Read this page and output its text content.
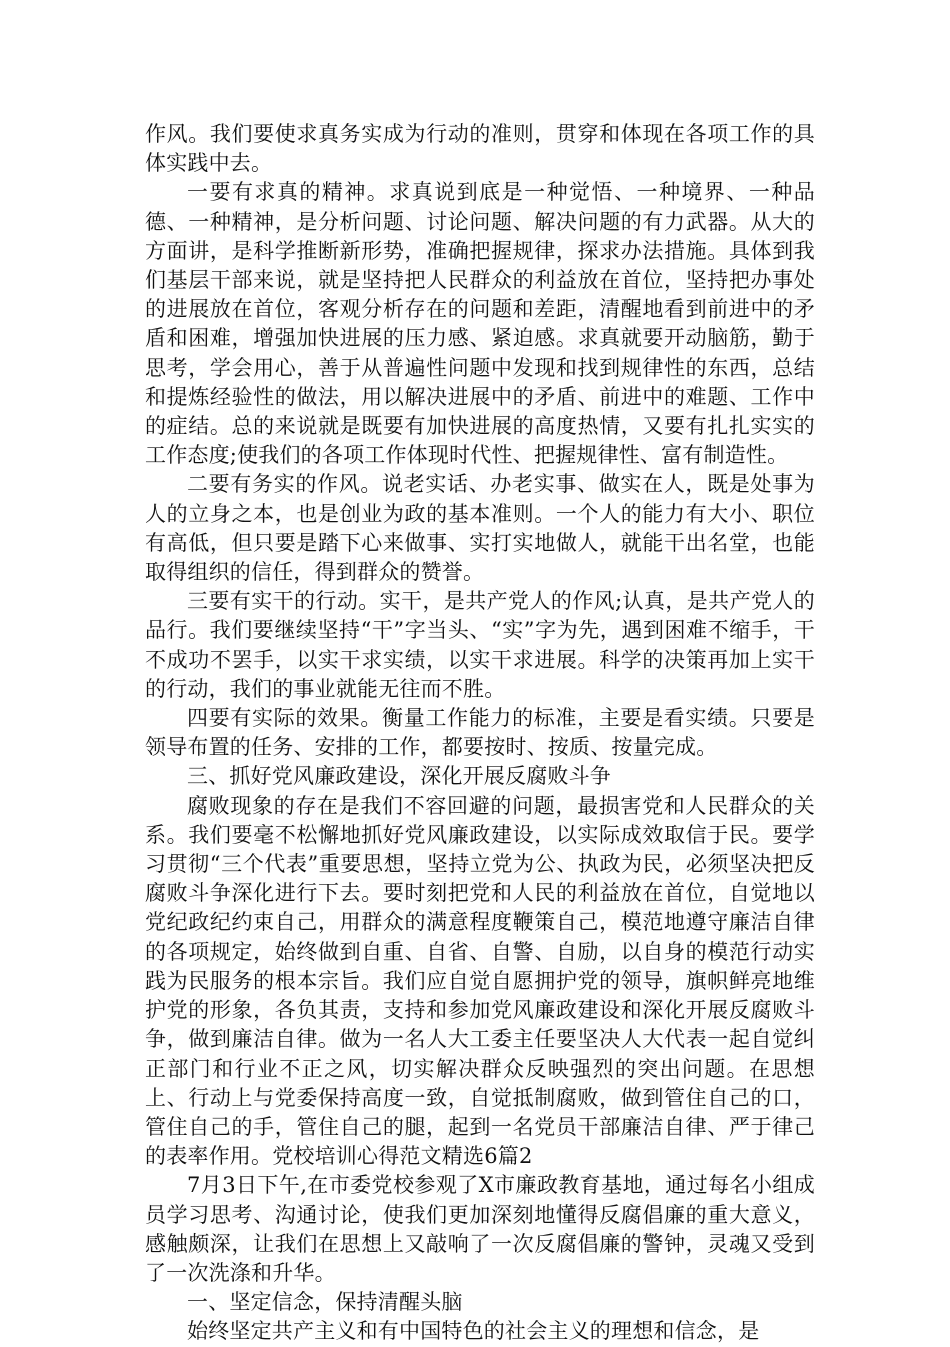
作风。我们要使求真务实成为行动的准则，贯穿和体现在各项工作的具体实践中去。

一要有求真的精神。求真说到底是一种觉悟、一种境界、一种品德、一种精神，是分析问题、讨论问题、解决问题的有力武器。从大的方面讲，是科学推断新形势，准确把握规律，探求办法措施。具体到我们基层干部来说，就是坚持把人民群众的利益放在首位，坚持把办事处的进展放在首位，客观分析存在的问题和差距，清醒地看到前进中的矛盾和困难，增强加快进展的压力感、紧迫感。求真就要开动脑筋，勤于思考，学会用心，善于从普遍性问题中发现和找到规律性的东西，总结和提炼经验性的做法，用以解决进展中的矛盾、前进中的难题、工作中的症结。总的来说就是既要有加快进展的高度热情，又要有扎扎实实的工作态度;使我们的各项工作体现时代性、把握规律性、富有制造性。

二要有务实的作风。说老实话、办老实事、做实在人，既是处事为人的立身之本，也是创业为政的基本准则。一个人的能力有大小、职位有高低，但只要是踏下心来做事、实打实地做人，就能干出名堂，也能取得组织的信任，得到群众的赞誉。

三要有实干的行动。实干，是共产党人的作风;认真，是共产党人的品行。我们要继续坚持“干”字当头、“实”字为先，遇到困难不缩手，干不成功不罢手，以实干求实绩，以实干求进展。科学的决策再加上实干的行动，我们的事业就能无往而不胜。

四要有实际的效果。衡量工作能力的标准，主要是看实绩。只要是领导布置的任务、安排的工作，都要按时、按质、按量完成。

三、抓好党风廉政建设，深化开展反腐败斗争

腐败现象的存在是我们不容回避的问题，最损害党和人民群众的关系。我们要毫不松懈地抓好党风廉政建设，以实际成效取信于民。要学习贯彻“三个代表”重要思想，坚持立党为公、执政为民，必须坚决把反腐败斗争深化进行下去。要时刻把党和人民的利益放在首位，自觉地以党纪政纪约束自己，用群众的满意程度鞭策自己，模范地遵守廉洁自律的各项规定，始终做到自重、自省、自警、自励，以自身的模范行动实践为民服务的根本宗旨。我们应自觉自愿拥护党的领导，旗帜鲜亮地维护党的形象，各负其责，支持和参加党风廉政建设和深化开展反腐败斗争，做到廉洁自律。做为一名人大工委主任要坚决人大代表一起自觉纠正部门和行业不正之风，切实解决群众反映强烈的突出问题。在思想上、行动上与党委保持高度一致，自觉抵制腐败，做到管住自己的口，管住自己的手，管住自己的腿，起到一名党员干部廉洁自律、严于律己的表率作用。党校培训心得范文精选6篇2

7月3日下午,在市委党校参观了X市廉政教育基地，通过每名小组成员学习思考、沟通讨论，使我们更加深刻地懂得反腐倡廉的重大意义，感触颇深，让我们在思想上又敲响了一次反腐倡廉的警钟，灵魂又受到了一次洗涤和升华。

一、坚定信念，保持清醒头脑

始终坚定共产主义和有中国特色的社会主义的理想和信念，是
